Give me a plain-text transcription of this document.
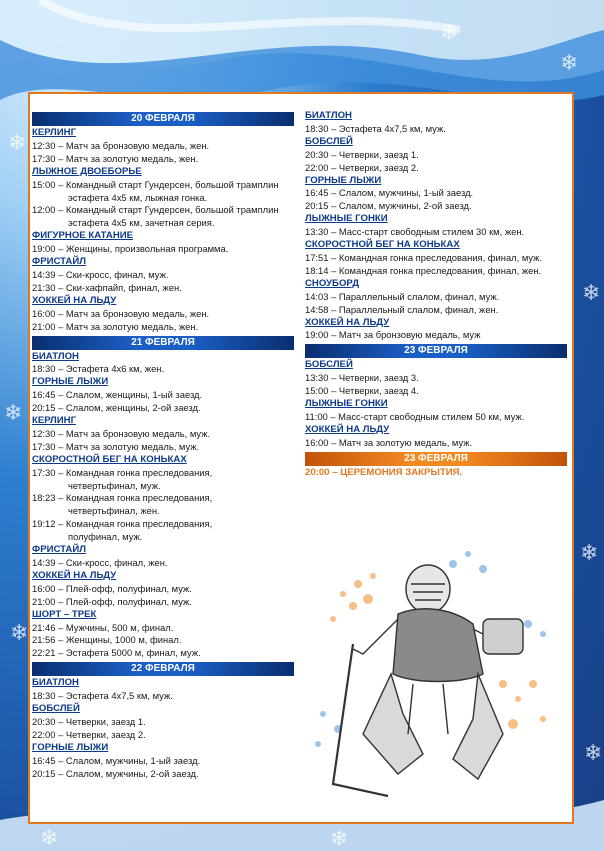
❄
❄
❄
❄
❄
❄
❄
❄
❄	❄
20 ФЕВРАЛЯ
КЕРЛИНГ
12:30 – Матч за бронзовую медаль, жен.
17:30 – Матч за золотую медаль, жен.
ЛЫЖНОЕ ДВОЕБОРЬЕ
15:00 – Командный старт Гундерсен, большой трамплин
эстафета 4х5 км, лыжная гонка.
12:00 – Командный старт Гундерсен, большой трамплин
эстафета 4х5 км, зачетная серия.
ФИГУРНОЕ КАТАНИЕ
19:00 – Женщины, произвольная программа.
ФРИСТАЙЛ
14:39 – Ски-кросс, финал, муж.
21:30 – Ски-хафпайп, финал, жен.
ХОККЕЙ НА ЛЬДУ
16:00 – Матч за бронзовую медаль, жен.
21:00 – Матч за золотую медаль, жен.
21 ФЕВРАЛЯ
БИАТЛОН
18:30 – Эстафета 4х6 км, жен.
ГОРНЫЕ ЛЫЖИ
16:45 – Слалом, женщины, 1-ый заезд.
20:15 – Слалом, женщины, 2-ой заезд.
КЕРЛИНГ
12:30 – Матч за бронзовую медаль, муж.
17:30 – Матч за золотую медаль, муж.
СКОРОСТНОЙ БЕГ НА КОНЬКАХ
17:30 – Командная гонка преследования,
четвертьфинал, муж.
18:23 – Командная гонка преследования,
четвертьфинал, жен.
19:12 – Командная гонка преследования,
полуфинал, муж.
ФРИСТАЙЛ
14:39 – Ски-кросс, финал, жен.
ХОККЕЙ НА ЛЬДУ
16:00 – Плей-офф, полуфинал, муж.
21:00 – Плей-офф, полуфинал, муж.
ШОРТ – ТРЕК
21:46 – Мужчины, 500 м, финал.
21:56 – Женщины, 1000 м, финал.
22:21 – Эстафета 5000 м, финал, муж.
22 ФЕВРАЛЯ
БИАТЛОН
18:30 – Эстафета 4х7,5 км, муж.
БОБСЛЕЙ
20:30 – Четверки, заезд 1.
22:00 – Четверки, заезд 2.
ГОРНЫЕ ЛЫЖИ
16:45 – Слалом, мужчины, 1-ый заезд.
20:15 – Слалом, мужчины, 2-ой заезд.
БИАТЛОН
18:30 – Эстафета 4х7,5 км, муж.
БОБСЛЕЙ
20:30 – Четверки, заезд 1.
22:00 – Четверки, заезд 2.
ГОРНЫЕ ЛЫЖИ
16:45 – Слалом, мужчины, 1-ый заезд.
20:15 – Слалом, мужчины, 2-ой заезд.
ЛЫЖНЫЕ ГОНКИ
13:30 – Масс-старт свободным стилем 30 км, жен.
СКОРОСТНОЙ БЕГ НА КОНЬКАХ
17:51 – Командная гонка преследования, финал, муж.
18:14 – Командная гонка преследования, финал, жен.
СНОУБОРД
14:03 – Параллельный слалом, финал, муж.
14:58 – Параллельный слалом, финал, жен.
ХОККЕЙ НА ЛЬДУ
19:00 – Матч за бронзовую медаль, муж
23 ФЕВРАЛЯ
БОБСЛЕЙ
13:30 – Четверки, заезд 3.
15:00 – Четверки, заезд 4.
ЛЫЖНЫЕ ГОНКИ
11:00 – Масс-старт свободным стилем 50 км, муж.
ХОККЕЙ НА ЛЬДУ
16:00 – Матч за золотую медаль, муж.
23 ФЕВРАЛЯ
20:00 – ЦЕРЕМОНИЯ ЗАКРЫТИЯ.
